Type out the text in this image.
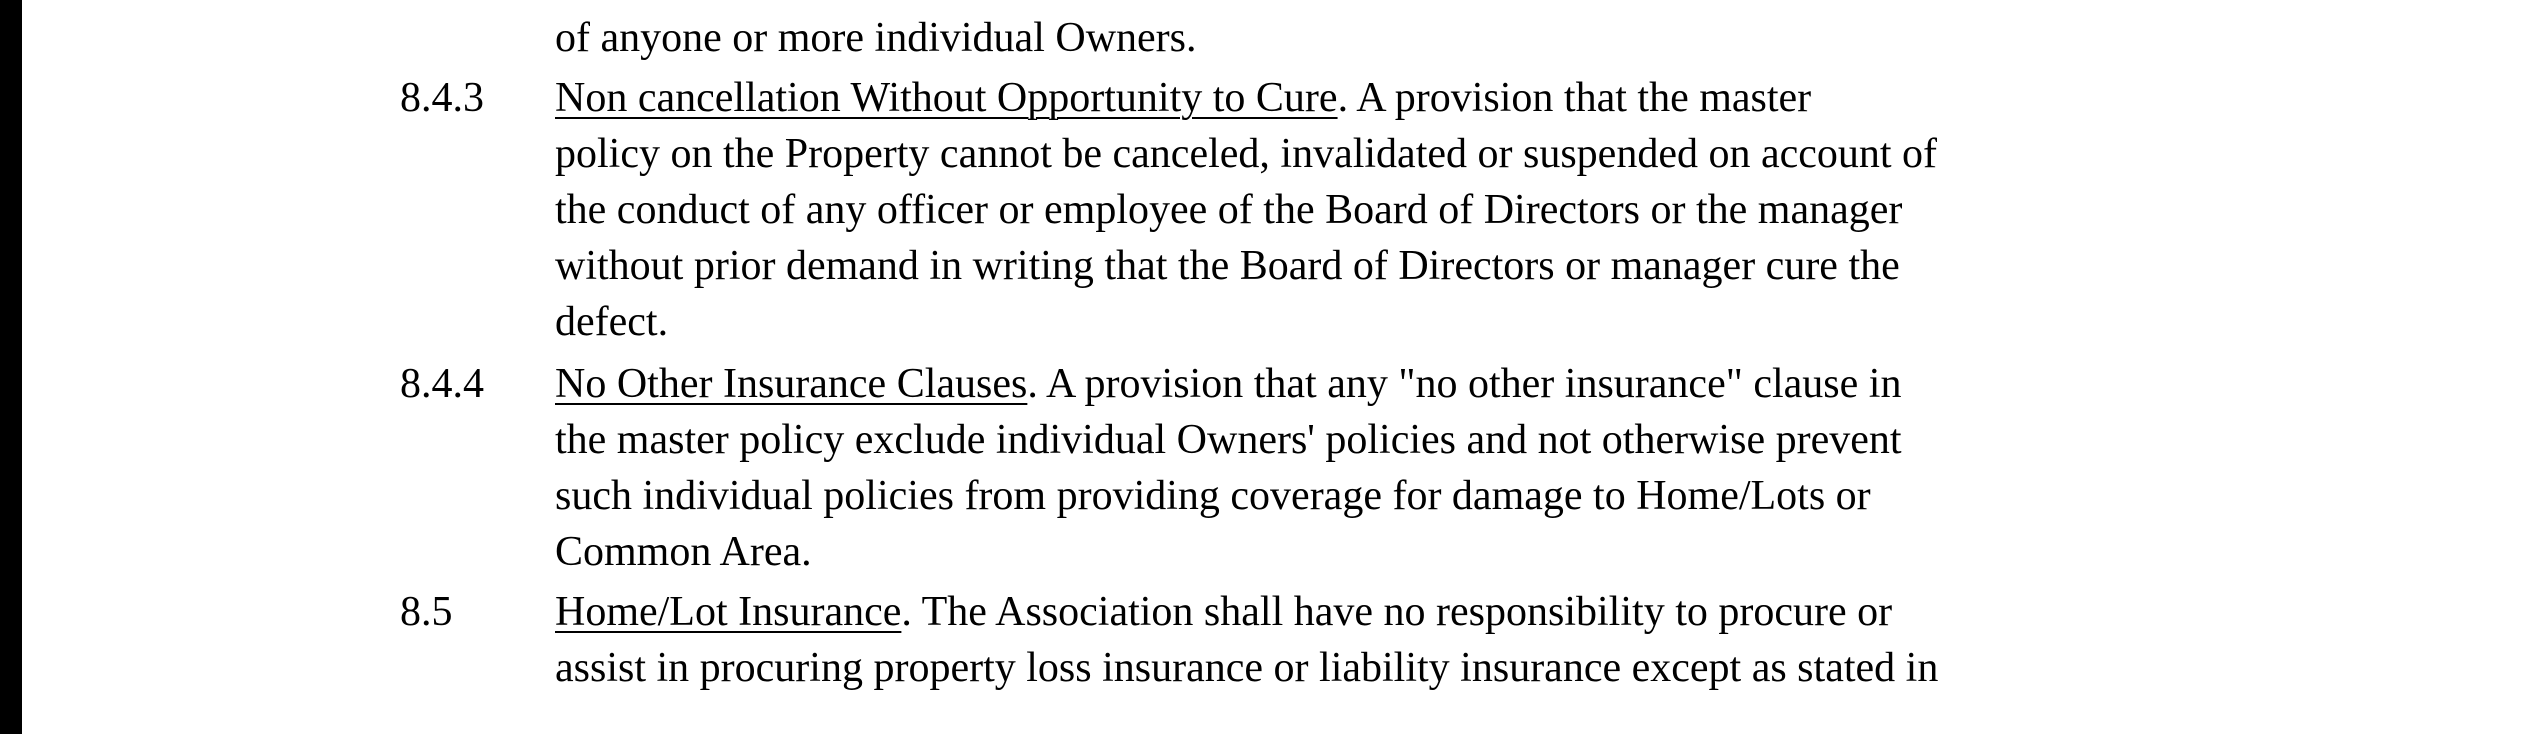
of anyone or more individual Owners.
8.4.3 Non cancellation Without Opportunity to Cure. A provision that the master
policy on the Property cannot be canceled, invalidated or suspended on account of
the conduct of any officer or employee of the Board of Directors or the manager
without prior demand in writing that the Board of Directors or manager cure the
defect.
8.4.4 No Other Insurance Clauses. A provision that any "no other insurance" clause in
the master policy exclude individual Owners' policies and not otherwise prevent
such individual policies from providing coverage for damage to Home/Lots or
Common Area.
8.5 Home/Lot Insurance. The Association shall have no responsibility to procure or
assist in procuring property loss insurance or liability insurance except as stated in
